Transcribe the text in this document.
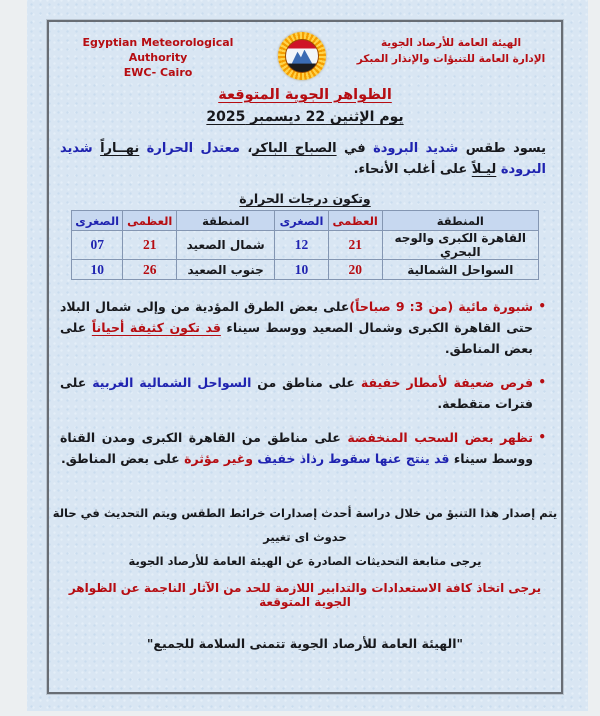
Egyptian Meteorological Authority
EWC- Cairo
الهيئة العامة للأرصاد الجوية
الإدارة العامة للتنبؤات والإنذار المبكر
الظواهر الجوية المتوقعة
يوم الإثنين 22 ديسمبر 2025
يسود طقس شديد البرودة في الصباح الباكر، معتدل الحرارة نهــاراً شديد البرودة ليـلاً على أغلب الأنحاء.
وتكون درجات الحرارة
المنطقة	العظمى	الصغرى	المنطقة	العظمى	الصغرى
القاهرة الكبرى والوجه البحري	21	12	شمال الصعيد	21	07
السواحل الشمالية	20	10	جنوب الصعيد	26	10
•
شبورة مائية (من 3: 9 صباحاً)على بعض الطرق المؤدية من وإلى شمال البلاد حتى القاهرة الكبرى وشمال الصعيد ووسط سيناء قد تكون كثيفة أحياناً على بعض المناطق.
•
فرص ضعيفة لأمطار خفيفة على مناطق من السواحل الشمالية الغربية على فترات متقطعة.
•
تظهر بعض السحب المنخفضة على مناطق من القاهرة الكبرى ومدن القناة ووسط سيناء قد ينتج عنها سقوط رذاذ خفيف وغير مؤثرة على بعض المناطق.
يتم إصدار هذا التنبؤ من خلال دراسة أحدث إصدارات خرائط الطقس ويتم التحديث في حالة حدوث اى تغيير
يرجى متابعة التحديثات الصادرة عن الهيئة العامة للأرصاد الجوية
يرجى اتخاذ كافة الاستعدادات والتدابير اللازمة للحد من الآثار الناجمة عن الظواهر الجوية المتوقعة
"الهيئة العامة للأرصاد الجوية تتمنى السلامة للجميع"
